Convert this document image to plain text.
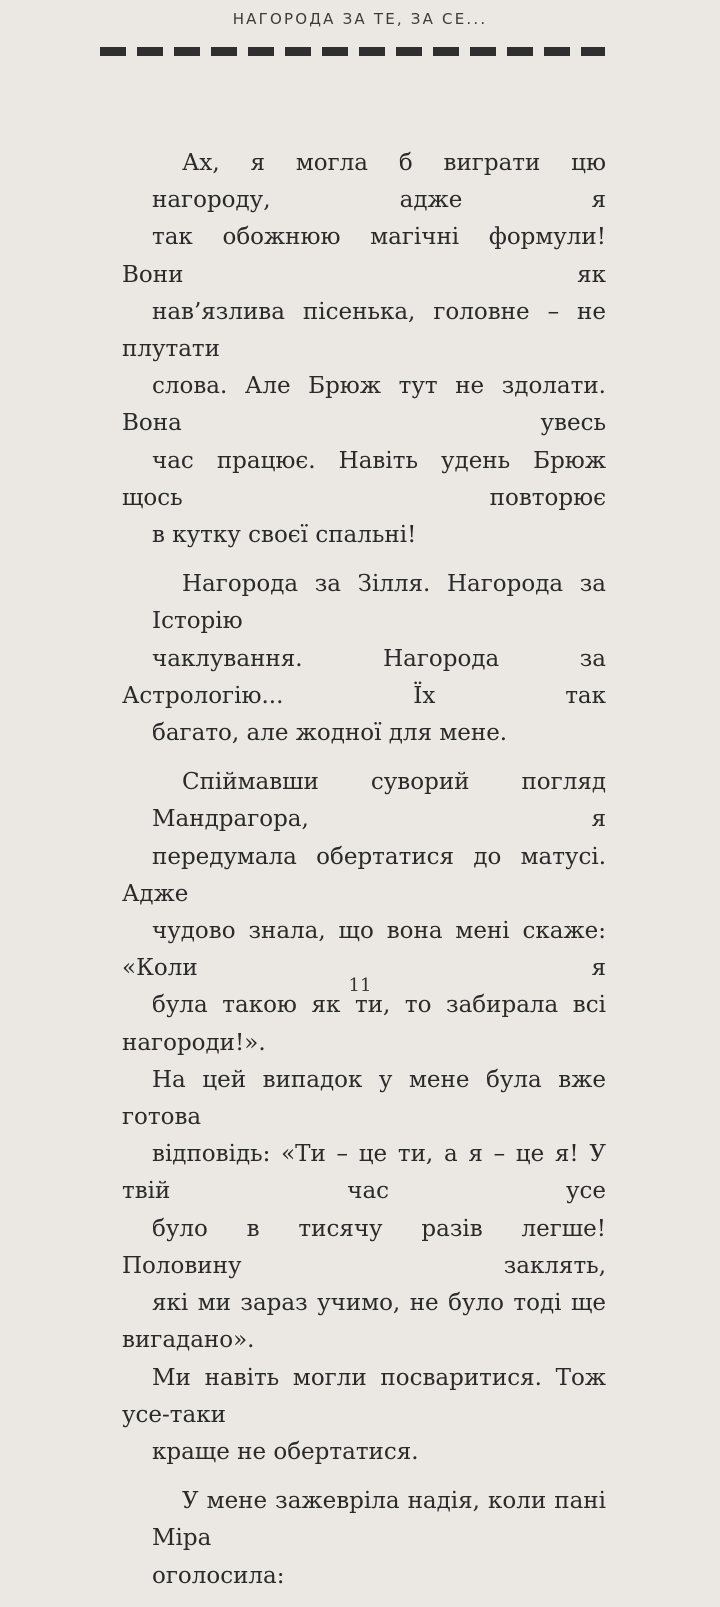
НАГОРОДА ЗА ТЕ, ЗА СЕ...

Ах, я могла б виграти цю нагороду, адже я
так обожнюю магічні формули! Вони як
нав’язлива пісенька, головне – не плутати
слова. Але Брюж тут не здолати. Вона увесь
час працює. Навіть удень Брюж щось повторює
в кутку своєї спальні!

Нагорода за Зілля. Нагорода за Історію
чаклування. Нагорода за Астрологію... Їх так
багато, але жодної для мене.

Спіймавши суворий погляд Мандрагора, я
передумала обертатися до матусі. Адже
чудово знала, що вона мені скаже: «Коли я
була такою як ти, то забирала всі нагороди!».
На цей випадок у мене була вже готова
відповідь: «Ти – це ти, а я – це я! У твій час усе
було в тисячу разів легше! Половину заклять,
які ми зараз учимо, не було тоді ще вигадано».
Ми навіть могли посваритися. Тож усе-таки
краще не обертатися.

У мене зажевріла надія, коли пані Міра
оголосила:

11
